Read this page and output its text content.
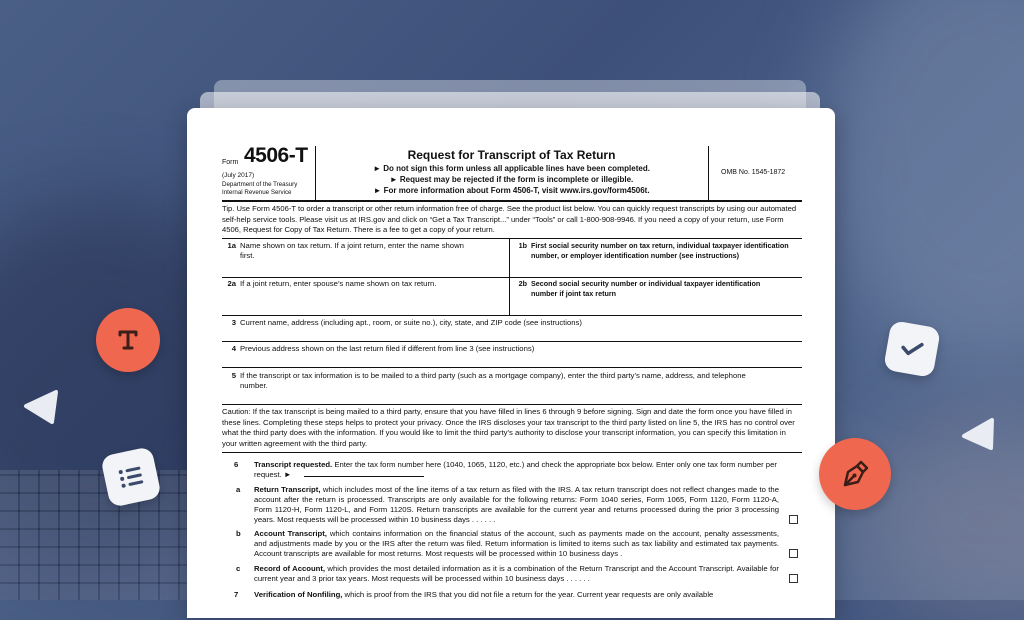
Form 4506-T
(July 2017)
Department of the Treasury
Internal Revenue Service
Request for Transcript of Tax Return
► Do not sign this form unless all applicable lines have been completed.
► Request may be rejected if the form is incomplete or illegible.
► For more information about Form 4506-T, visit www.irs.gov/form4506t.
OMB No. 1545-1872
Tip. Use Form 4506-T to order a transcript or other return information free of charge. See the product list below. You can quickly request transcripts by using our automated self-help service tools. Please visit us at IRS.gov and click on “Get a Tax Transcript...” under “Tools” or call 1-800-908-9946. If you need a copy of your return, use Form 4506, Request for Copy of Tax Return. There is a fee to get a copy of your return.
1a Name shown on tax return. If a joint return, enter the name shown first.
1b First social security number on tax return, individual taxpayer identification number, or employer identification number (see instructions)
2a If a joint return, enter spouse’s name shown on tax return.	2b Second social security number or individual taxpayer identification number if joint tax return
3 Current name, address (including apt., room, or suite no.), city, state, and ZIP code (see instructions)
4 Previous address shown on the last return filed if different from line 3 (see instructions)
5 If the transcript or tax information is to be mailed to a third party (such as a mortgage company), enter the third party’s name, address, and telephone number.
Caution: If the tax transcript is being mailed to a third party, ensure that you have filled in lines 6 through 9 before signing. Sign and date the form once you have filled in these lines. Completing these steps helps to protect your privacy. Once the IRS discloses your tax transcript to the third party listed on line 5, the IRS has no control over what the third party does with the information. If you would like to limit the third party’s authority to disclose your transcript information, you can specify this limitation in your written agreement with the third party.
6 Transcript requested. Enter the tax form number here (1040, 1065, 1120, etc.) and check the appropriate box below. Enter only one tax form number per request. ►
a Return Transcript, which includes most of the line items of a tax return as filed with the IRS. A tax return transcript does not reflect changes made to the account after the return is processed. Transcripts are only available for the following returns: Form 1040 series, Form 1065, Form 1120, Form 1120-A, Form 1120-H, Form 1120-L, and Form 1120S. Return transcripts are available for the current year and returns processed during the prior 3 processing years. Most requests will be processed within 10 business days . . . . . .
b Account Transcript, which contains information on the financial status of the account, such as payments made on the account, penalty assessments, and adjustments made by you or the IRS after the return was filed. Return information is limited to items such as tax liability and estimated tax payments. Account transcripts are available for most returns. Most requests will be processed within 10 business days .
c Record of Account, which provides the most detailed information as it is a combination of the Return Transcript and the Account Transcript. Available for current year and 3 prior tax years. Most requests will be processed within 10 business days . . . . . .
7 Verification of Nonfiling, which is proof from the IRS that you did not file a return for the year. Current year requests are only available
